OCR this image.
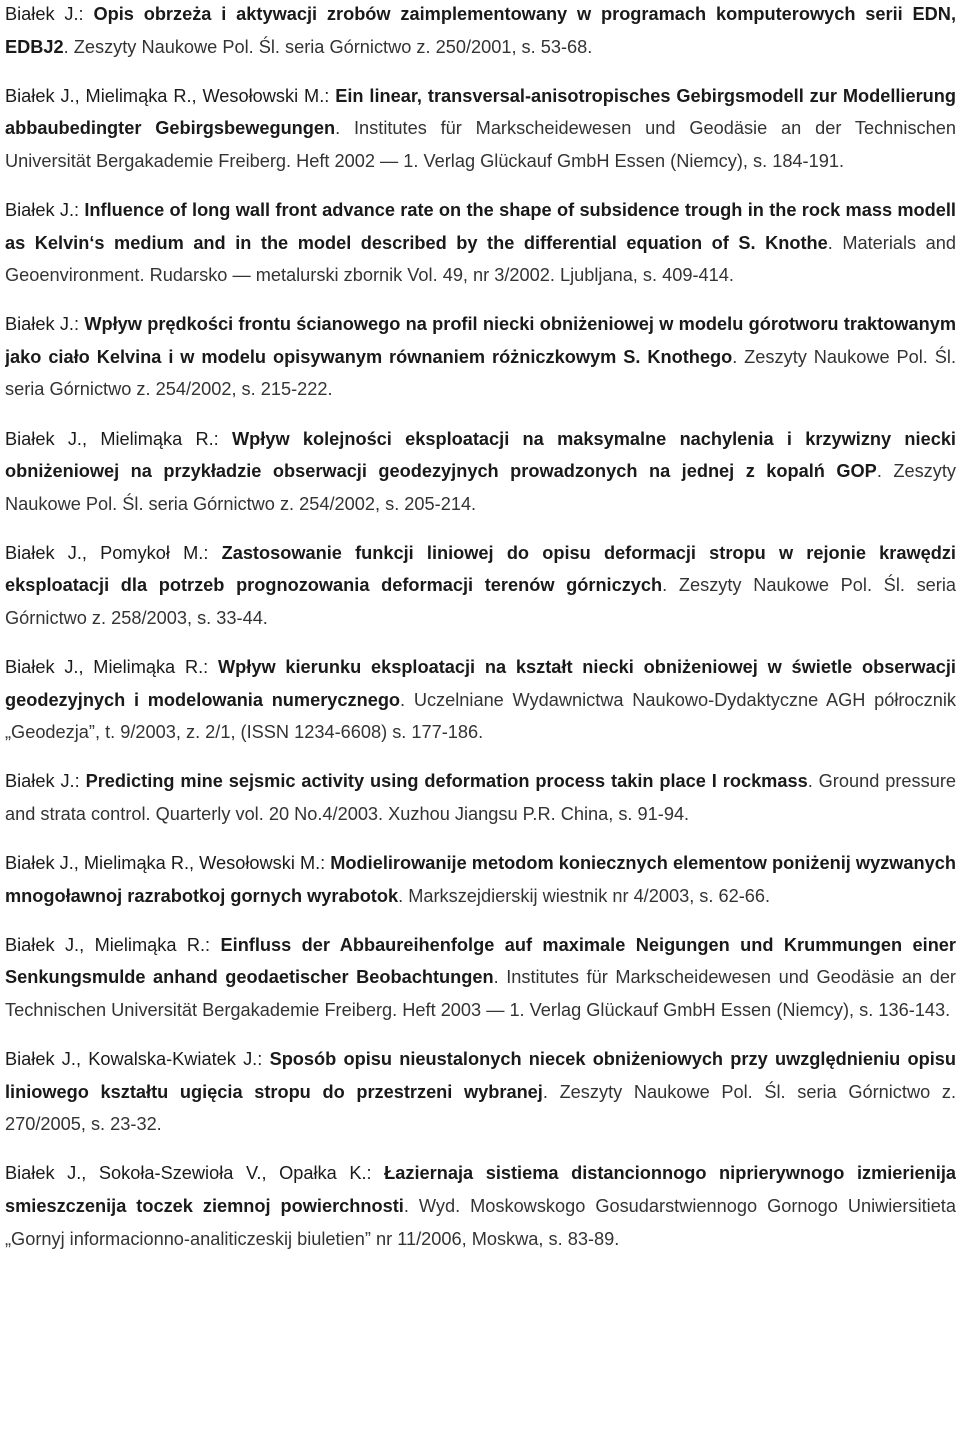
Białek J.: Opis obrzeża i aktywacji zrobów zaimplementowany w programach komputerowych serii EDN, EDBJ2. Zeszyty Naukowe Pol. Śl. seria Górnictwo z. 250/2001, s. 53-68.

Białek J., Mielimąka R., Wesołowski M.: Ein linear, transversal-anisotropisches Gebirgsmodell zur Modellierung abbaubedingter Gebirgsbewegungen. Institutes für Markscheidewesen und Geodäsie an der Technischen Universität Bergakademie Freiberg. Heft 2002 — 1. Verlag Glückauf GmbH Essen (Niemcy), s. 184-191.

Białek J.: Influence of long wall front advance rate on the shape of subsidence trough in the rock mass modell as Kelvin‘s medium and in the model described by the differential equation of S. Knothe. Materials and Geoenvironment. Rudarsko — metalurski zbornik Vol. 49, nr 3/2002. Ljubljana, s. 409-414.

Białek J.: Wpływ prędkości frontu ścianowego na profil niecki obniżeniowej w modelu górotworu traktowanym jako ciało Kelvina i w modelu opisywanym równaniem różniczkowym S. Knothego. Zeszyty Naukowe Pol. Śl. seria Górnictwo z. 254/2002, s. 215-222.

Białek J., Mielimąka R.: Wpływ kolejności eksploatacji na maksymalne nachylenia i krzywizny niecki obniżeniowej na przykładzie obserwacji geodezyjnych prowadzonych na jednej z kopalń GOP. Zeszyty Naukowe Pol. Śl. seria Górnictwo z. 254/2002, s. 205-214.

Białek J., Pomykoł M.: Zastosowanie funkcji liniowej do opisu deformacji stropu w rejonie krawędzi eksploatacji dla potrzeb prognozowania deformacji terenów górniczych. Zeszyty Naukowe Pol. Śl. seria Górnictwo z. 258/2003, s. 33-44.

Białek J., Mielimąka R.: Wpływ kierunku eksploatacji na kształt niecki obniżeniowej w świetle obserwacji geodezyjnych i modelowania numerycznego. Uczelniane Wydawnictwa Naukowo-Dydaktyczne AGH półrocznik „Geodezja”, t. 9/2003, z. 2/1, (ISSN 1234-6608) s. 177-186.

Białek J.: Predicting mine sejsmic activity using deformation process takin place I rockmass. Ground pressure and strata control. Quarterly vol. 20 No.4/2003. Xuzhou Jiangsu P.R. China, s. 91-94.

Białek J., Mielimąka R., Wesołowski M.: Modielirowanije metodom koniecznych elementow poniżenij wyzwanych mnogoławnoj razrabotkoj gornych wyrabotok. Markszejdierskij wiestnik nr 4/2003, s. 62-66.

Białek J., Mielimąka R.: Einfluss der Abbaureihenfolge auf maximale Neigungen und Krummungen einer Senkungsmulde anhand geodaetischer Beobachtungen. Institutes für Markscheidewesen und Geodäsie an der Technischen Universität Bergakademie Freiberg. Heft 2003 — 1. Verlag Glückauf GmbH Essen (Niemcy), s. 136-143.

Białek J., Kowalska-Kwiatek J.: Sposób opisu nieustalonych niecek obniżeniowych przy uwzględnieniu opisu liniowego kształtu ugięcia stropu do przestrzeni wybranej. Zeszyty Naukowe Pol. Śl. seria Górnictwo z. 270/2005, s. 23-32.

Białek J., Sokoła-Szewioła V., Opałka K.: Łaziernaja sistiema distancionnogo niprierywnogo izmierienija smieszczenija toczek ziemnoj powierchnosti. Wyd. Moskowskogo Gosudarstwiennogo Gornogo Uniwiersitieta „Gornyj informacionno-analiticzeskij biuletien” nr 11/2006, Moskwa, s. 83-89.
